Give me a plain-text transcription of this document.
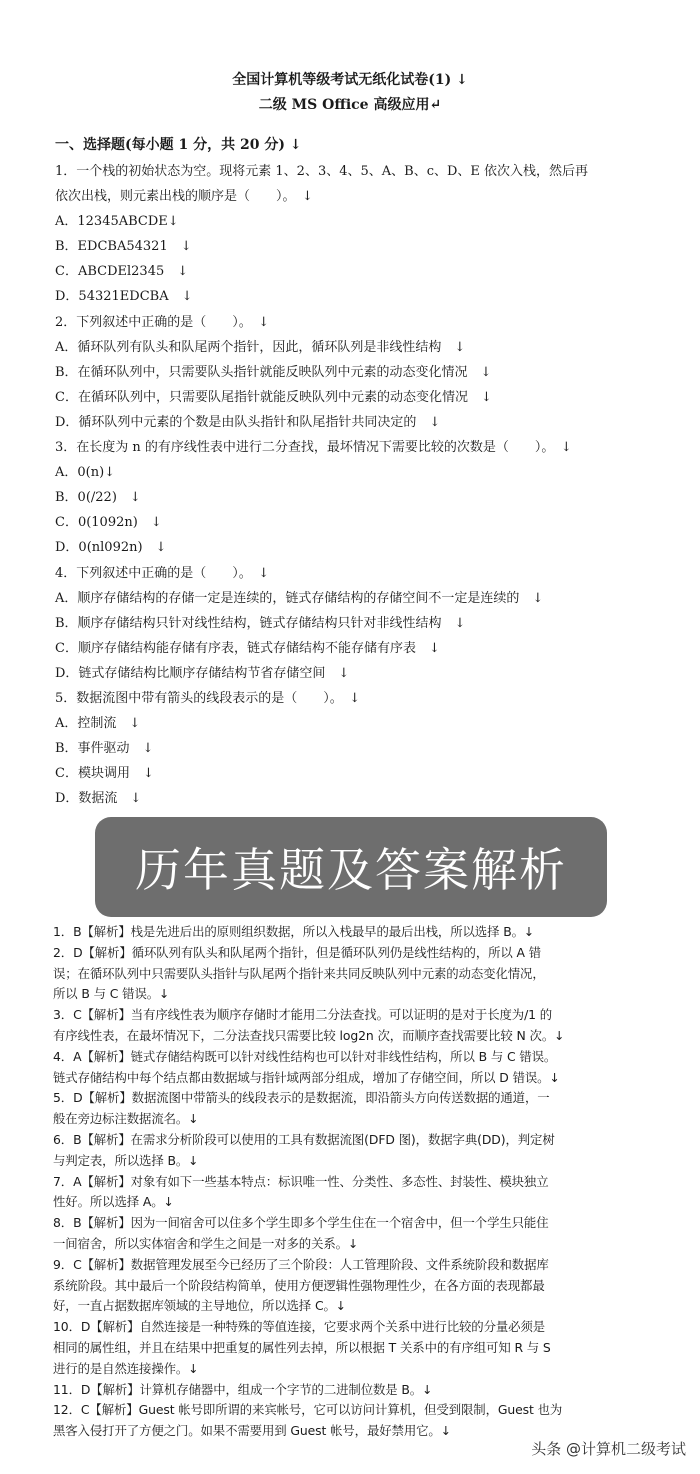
全国计算机等级考试无纸化试卷(1) ↓
二级 MS Office 高级应用↵
一、选择题(每小题 1 分，共 20 分) ↓
1．一个栈的初始状态为空。现将元素 1、2、3、4、5、A、B、c、D、E 依次入栈，然后再
依次出栈，则元素出栈的顺序是（　　）。　↓
A．12345ABCDE↓
B．EDCBA54321　↓
C．ABCDEl2345　↓
D．54321EDCBA　↓
2．下列叙述中正确的是（　　）。　↓
A．循环队列有队头和队尾两个指针，因此，循环队列是非线性结构　↓
B．在循环队列中，只需要队头指针就能反映队列中元素的动态变化情况　↓
C．在循环队列中，只需要队尾指针就能反映队列中元素的动态变化情况　↓
D．循环队列中元素的个数是由队头指针和队尾指针共同决定的　↓
3．在长度为 n 的有序线性表中进行二分查找，最坏情况下需要比较的次数是（　　）。　↓
A．0(n)↓
B．0(/22)　↓
C．0(1092n)　↓
D．0(nl092n)　↓
4．下列叙述中正确的是（　　）。　↓
A．顺序存储结构的存储一定是连续的，链式存储结构的存储空间不一定是连续的　↓
B．顺序存储结构只针对线性结构，链式存储结构只针对非线性结构　↓
C．顺序存储结构能存储有序表，链式存储结构不能存储有序表　↓
D．链式存储结构比顺序存储结构节省存储空间　↓
5．数据流图中带有箭头的线段表示的是（　　）。　↓
A．控制流　↓
B．事件驱动　↓
C．模块调用　↓
D．数据流　↓
历年真题及答案解析
1．B【解析】栈是先进后出的原则组织数据，所以入栈最早的最后出栈，所以选择 B。↓
2．D【解析】循环队列有队头和队尾两个指针，但是循环队列仍是线性结构的，所以 A 错
误；在循环队列中只需要队头指针与队尾两个指针来共同反映队列中元素的动态变化情况，
所以 B 与 C 错误。↓
3．C【解析】当有序线性表为顺序存储时才能用二分法查找。可以证明的是对于长度为/1 的
有序线性表，在最坏情况下，二分法查找只需要比较 log2n 次，而顺序查找需要比较 N 次。↓
4．A【解析】链式存储结构既可以针对线性结构也可以针对非线性结构，所以 B 与 C 错误。
链式存储结构中每个结点都由数据域与指针域两部分组成，增加了存储空间，所以 D 错误。↓
5．D【解析】数据流图中带箭头的线段表示的是数据流，即沿箭头方向传送数据的通道，一
般在旁边标注数据流名。↓
6．B【解析】在需求分析阶段可以使用的工具有数据流图(DFD 图)，数据字典(DD)，判定树
与判定表，所以选择 B。↓
7．A【解析】对象有如下一些基本特点：标识唯一性、分类性、多态性、封装性、模块独立
性好。所以选择 A。↓
8．B【解析】因为一间宿舍可以住多个学生即多个学生住在一个宿舍中，但一个学生只能住
一间宿舍，所以实体宿舍和学生之间是一对多的关系。↓
9．C【解析】数据管理发展至今已经历了三个阶段：人工管理阶段、文件系统阶段和数据库
系统阶段。其中最后一个阶段结构简单，使用方便逻辑性强物理性少，在各方面的表现都最
好，一直占据数据库领域的主导地位，所以选择 C。↓
10．D【解析】自然连接是一种特殊的等值连接，它要求两个关系中进行比较的分量必须是
相同的属性组，并且在结果中把重复的属性列去掉，所以根据 T 关系中的有序组可知 R 与 S
进行的是自然连接操作。↓
11．D【解析】计算机存储器中，组成一个字节的二进制位数是 B。↓
12．C【解析】Guest 帐号即所谓的来宾帐号，它可以访问计算机，但受到限制，Guest 也为
黑客入侵打开了方便之门。如果不需要用到 Guest 帐号，最好禁用它。↓
头条 @计算机二级考试
